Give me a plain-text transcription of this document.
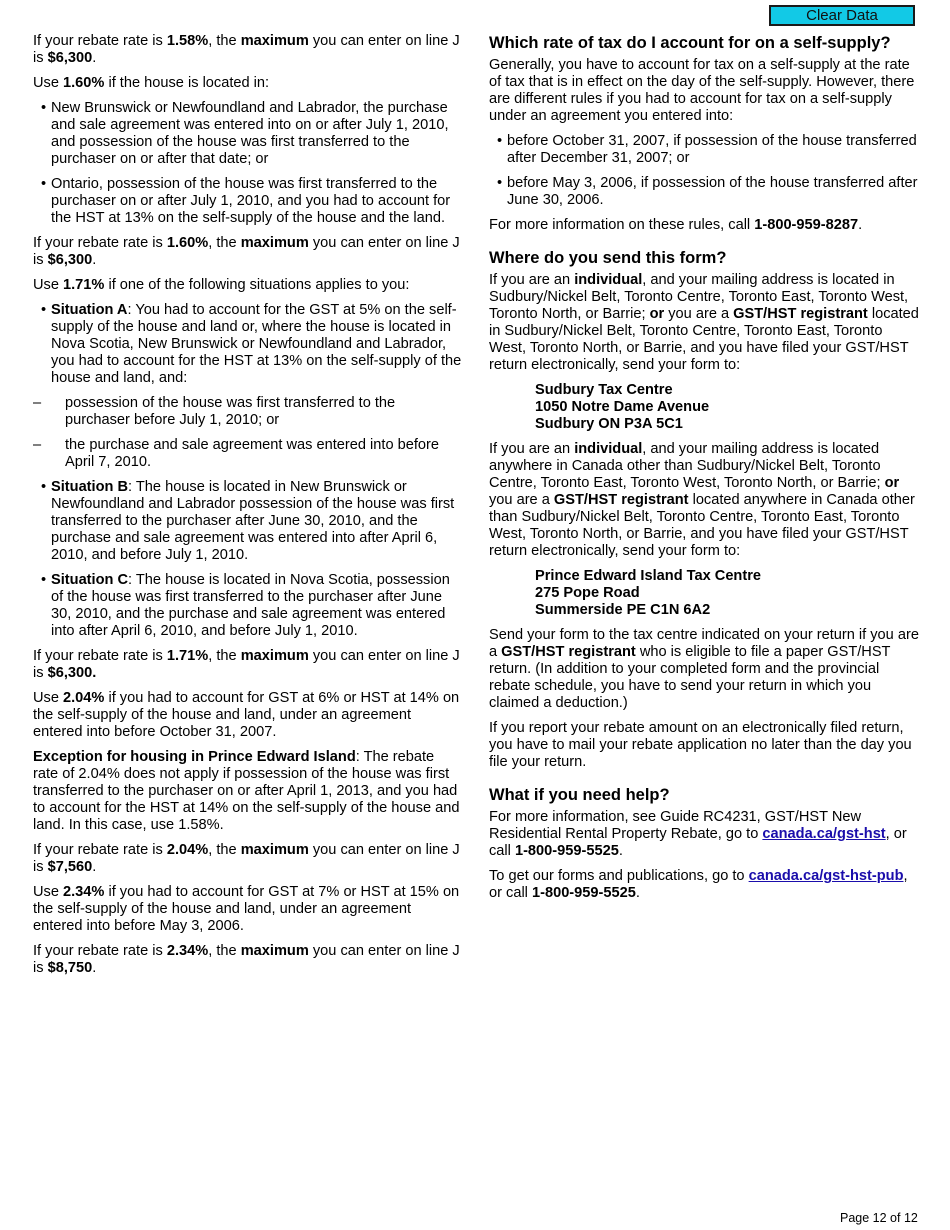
Clear Data

If your rebate rate is 1.58%, the maximum you can enter on line J is $6,300.

Use 1.60% if the house is located in:

• New Brunswick or Newfoundland and Labrador, the purchase and sale agreement was entered into on or after July 1, 2010, and possession of the house was first transferred to the purchaser on or after that date; or
• Ontario, possession of the house was first transferred to the purchaser on or after July 1, 2010, and you had to account for the HST at 13% on the self-supply of the house and the land.

If your rebate rate is 1.60%, the maximum you can enter on line J is $6,300.

Use 1.71% if one of the following situations applies to you:

• Situation A: You had to account for the GST at 5% on the self-supply of the house and land or, where the house is located in Nova Scotia, New Brunswick or Newfoundland and Labrador, you had to account for the HST at 13% on the self-supply of the house and land, and:
– possession of the house was first transferred to the purchaser before July 1, 2010; or
– the purchase and sale agreement was entered into before April 7, 2010.
• Situation B: The house is located in New Brunswick or Newfoundland and Labrador possession of the house was first transferred to the purchaser after June 30, 2010, and the purchase and sale agreement was entered into after April 6, 2010, and before July 1, 2010.
• Situation C: The house is located in Nova Scotia, possession of the house was first transferred to the purchaser after June 30, 2010, and the purchase and sale agreement was entered into after April 6, 2010, and before July 1, 2010.

If your rebate rate is 1.71%, the maximum you can enter on line J is $6,300.

Use 2.04% if you had to account for GST at 6% or HST at 14% on the self-supply of the house and land, under an agreement entered into before October 31, 2007.

Exception for housing in Prince Edward Island: The rebate rate of 2.04% does not apply if possession of the house was first transferred to the purchaser on or after April 1, 2013, and you had to account for the HST at 14% on the self-supply of the house and land. In this case, use 1.58%.

If your rebate rate is 2.04%, the maximum you can enter on line J is $7,560.

Use 2.34% if you had to account for GST at 7% or HST at 15% on the self-supply of the house and land, under an agreement entered into before May 3, 2006.

If your rebate rate is 2.34%, the maximum you can enter on line J is $8,750.

Which rate of tax do I account for on a self-supply?

Generally, you have to account for tax on a self-supply at the rate of tax that is in effect on the day of the self-supply. However, there are different rules if you had to account for tax on a self-supply under an agreement you entered into:

• before October 31, 2007, if possession of the house transferred after December 31, 2007; or
• before May 3, 2006, if possession of the house transferred after June 30, 2006.

For more information on these rules, call 1-800-959-8287.

Where do you send this form?

If you are an individual, and your mailing address is located in Sudbury/Nickel Belt, Toronto Centre, Toronto East, Toronto West, Toronto North, or Barrie; or you are a GST/HST registrant located in Sudbury/Nickel Belt, Toronto Centre, Toronto East, Toronto West, Toronto North, or Barrie, and you have filed your GST/HST return electronically, send your form to:

Sudbury Tax Centre
1050 Notre Dame Avenue
Sudbury ON P3A 5C1

If you are an individual, and your mailing address is located anywhere in Canada other than Sudbury/Nickel Belt, Toronto Centre, Toronto East, Toronto West, Toronto North, or Barrie; or you are a GST/HST registrant located anywhere in Canada other than Sudbury/Nickel Belt, Toronto Centre, Toronto East, Toronto West, Toronto North, or Barrie, and you have filed your GST/HST return electronically, send your form to:

Prince Edward Island Tax Centre
275 Pope Road
Summerside PE C1N 6A2

Send your form to the tax centre indicated on your return if you are a GST/HST registrant who is eligible to file a paper GST/HST return. (In addition to your completed form and the provincial rebate schedule, you have to send your return in which you claimed a deduction.)

If you report your rebate amount on an electronically filed return, you have to mail your rebate application no later than the day you file your return.

What if you need help?

For more information, see Guide RC4231, GST/HST New Residential Rental Property Rebate, go to canada.ca/gst-hst, or call 1-800-959-5525.

To get our forms and publications, go to canada.ca/gst-hst-pub, or call 1-800-959-5525.

Page 12 of 12
